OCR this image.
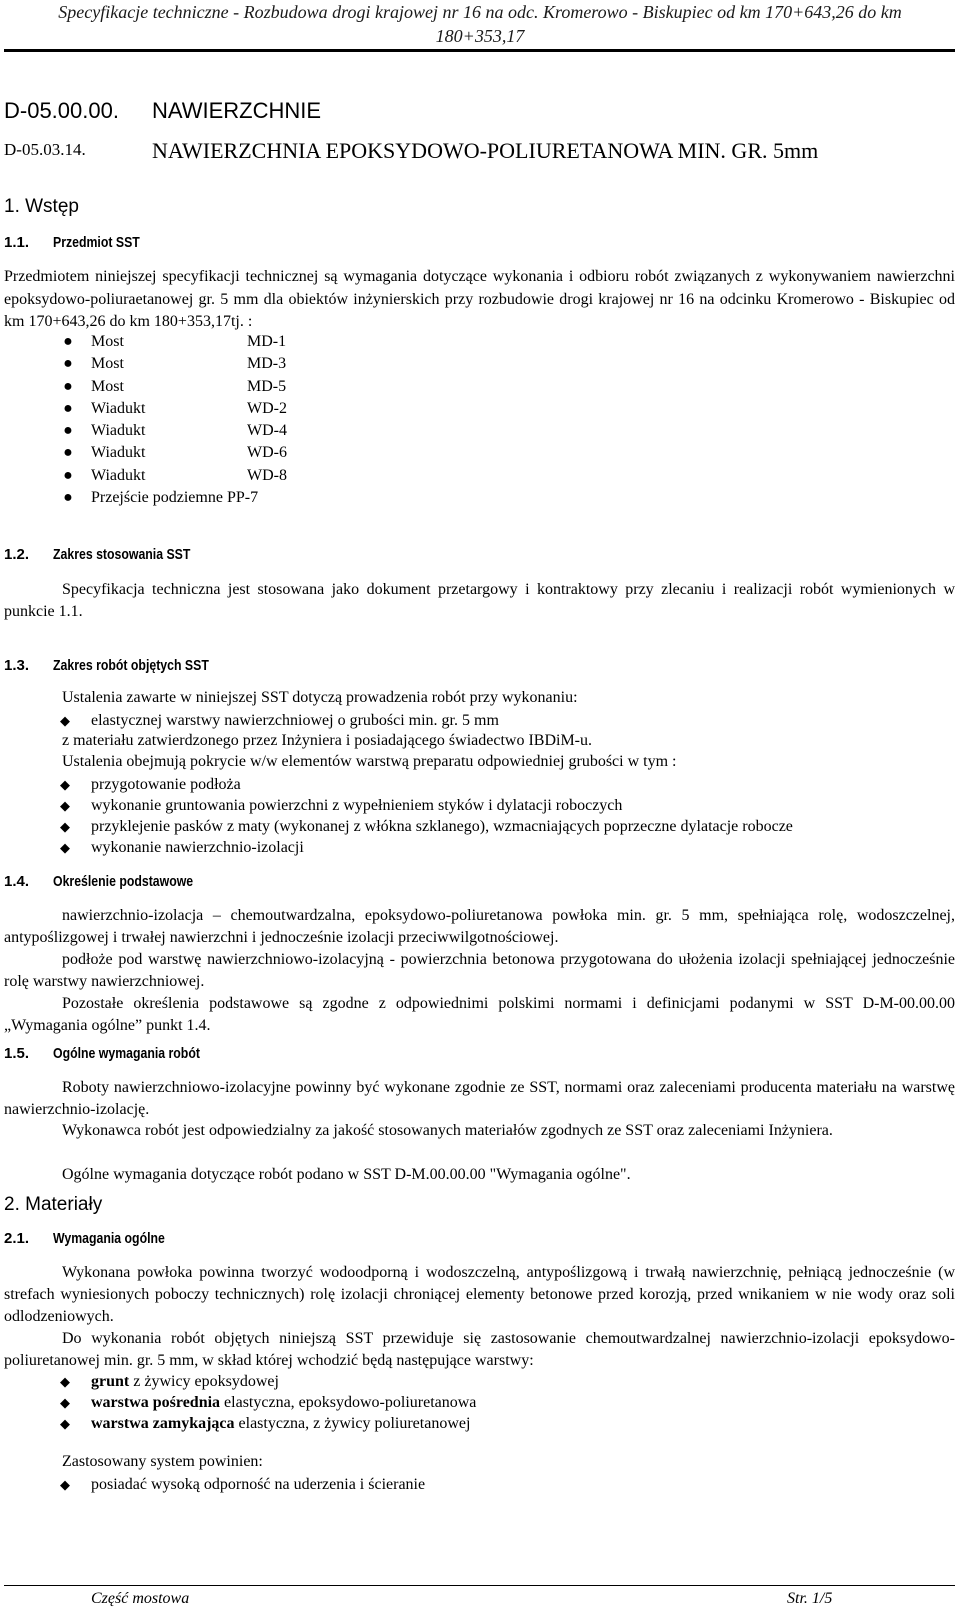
Specyfikacje techniczne - Rozbudowa drogi krajowej nr 16 na odc. Kromerowo - Biskupiec od km 170+643,26 do km
180+353,17
D-05.00.00. NAWIERZCHNIE
D-05.03.14.	NAWIERZCHNIA EPOKSYDOWO-POLIURETANOWA MIN. GR. 5mm
1. Wstęp
1.1. Przedmiot SST
Przedmiotem niniejszej specyfikacji technicznej są wymagania dotyczące wykonania i odbioru robót związanych z wykonywaniem nawierzchni epoksydowo-poliuraetanowej gr. 5 mm dla obiektów inżynierskich przy rozbudowie drogi krajowej nr 16 na odcinku Kromerowo - Biskupiec od km 170+643,26 do km 180+353,17tj. :
●	Most	MD-1
●	Most	MD-3
●	Most	MD-5
●	Wiadukt	WD-2
●	Wiadukt	WD-4
●	Wiadukt	WD-6
●	Wiadukt	WD-8
●	Przejście podziemne PP-7
1.2. Zakres stosowania SST
Specyfikacja techniczna jest stosowana jako dokument przetargowy i kontraktowy przy zlecaniu i realizacji robót wymienionych w punkcie 1.1.
1.3. Zakres robót objętych SST
Ustalenia zawarte w niniejszej SST dotyczą prowadzenia robót przy wykonaniu:
◆ elastycznej warstwy nawierzchniowej o grubości min. gr. 5 mm
z materiału zatwierdzonego przez Inżyniera i posiadającego świadectwo IBDiM-u.
Ustalenia obejmują pokrycie w/w elementów warstwą preparatu odpowiedniej grubości w tym :
◆ przygotowanie podłoża
◆ wykonanie gruntowania powierzchni z wypełnieniem styków i dylatacji roboczych
◆ przyklejenie pasków z maty (wykonanej z włókna szklanego), wzmacniających poprzeczne dylatacje robocze
◆ wykonanie nawierzchnio-izolacji
1.4. Określenie podstawowe
nawierzchnio-izolacja – chemoutwardzalna, epoksydowo-poliuretanowa powłoka min. gr. 5 mm, spełniająca rolę, wodoszczelnej, antypoślizgowej i trwałej nawierzchni i jednocześnie izolacji przeciwwilgotnościowej.
podłoże pod warstwę nawierzchniowo-izolacyjną - powierzchnia betonowa przygotowana do ułożenia izolacji spełniającej jednocześnie rolę warstwy nawierzchniowej.
Pozostałe określenia podstawowe są zgodne z odpowiednimi polskimi normami i definicjami podanymi w SST D-M-00.00.00 „Wymagania ogólne” punkt 1.4.
1.5. Ogólne wymagania robót
Roboty nawierzchniowo-izolacyjne powinny być wykonane zgodnie ze SST, normami oraz zaleceniami producenta materiału na warstwę nawierzchnio-izolację.
Wykonawca robót jest odpowiedzialny za jakość stosowanych materiałów zgodnych ze SST oraz zaleceniami Inżyniera.
Ogólne wymagania dotyczące robót podano w SST D-M.00.00.00 "Wymagania ogólne".
2. Materiały
2.1. Wymagania ogólne
Wykonana powłoka powinna tworzyć wodoodporną i wodoszczelną, antypoślizgową i trwałą nawierzchnię, pełniącą jednocześnie (w strefach wyniesionych poboczy technicznych) rolę izolacji chroniącej elementy betonowe przed korozją, przed wnikaniem w nie wody oraz soli odlodzeniowych.
Do wykonania robót objętych niniejszą SST przewiduje się zastosowanie chemoutwardzalnej nawierzchnio-izolacji epoksydowo-poliuretanowej min. gr. 5 mm, w skład której wchodzić będą następujące warstwy:
◆ grunt z żywicy epoksydowej
◆ warstwa pośrednia elastyczna, epoksydowo-poliuretanowa
◆ warstwa zamykająca elastyczna, z żywicy poliuretanowej
Zastosowany system powinien:
◆ posiadać wysoką odporność na uderzenia i ścieranie
Część mostowa	Str. 1/5
